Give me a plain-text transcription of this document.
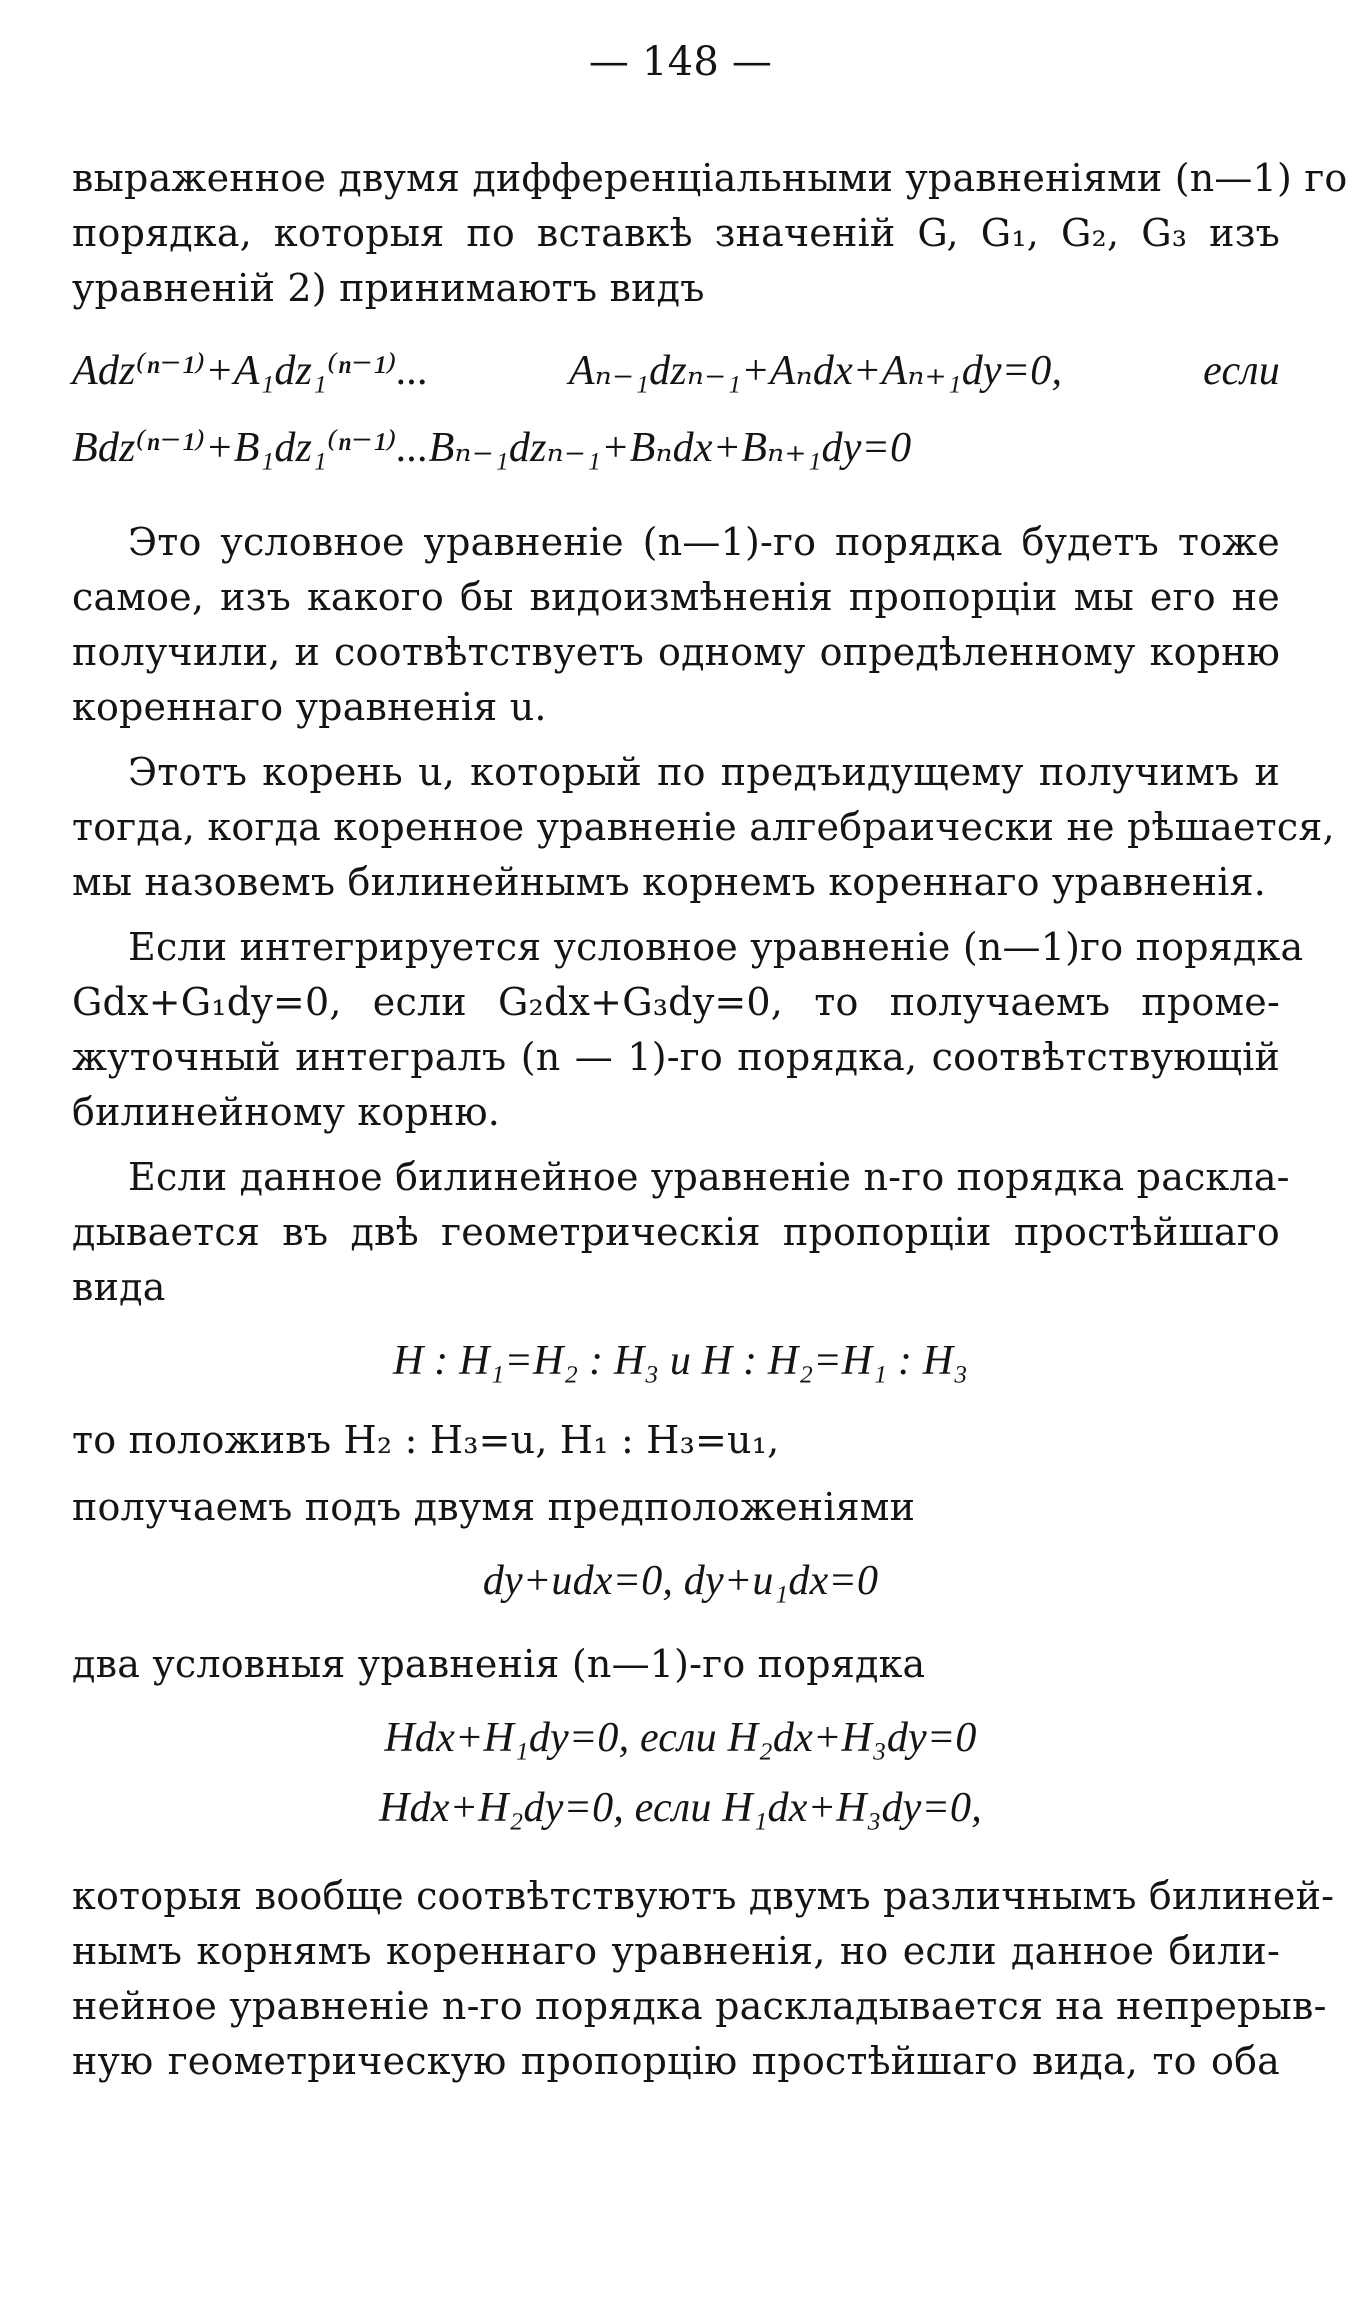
— 148 —
выраженное двумя дифференціальными уравненіями (n—1) го
порядка, которыя по вставкѣ значеній G, G₁, G₂, G₃ изъ
уравненій 2) принимаютъ видъ
Adz⁽ⁿ⁻¹⁾+A₁dz₁⁽ⁿ⁻¹⁾... Aₙ₋₁dzₙ₋₁+Aₙdx+Aₙ₊₁dy=0, если
Bdz⁽ⁿ⁻¹⁾+B₁dz₁⁽ⁿ⁻¹⁾...Bₙ₋₁dzₙ₋₁+Bₙdx+Bₙ₊₁dy=0
Это условное уравненіе (n—1)-го порядка будетъ тоже
самое, изъ какого бы видоизмѣненія пропорціи мы его не
получили, и соотвѣтствуетъ одному опредѣленному корню
кореннаго уравненія u.
Этотъ корень u, который по предъидущему получимъ и
тогда, когда коренное уравненіе алгебраически не рѣшается,
мы назовемъ билинейнымъ корнемъ кореннаго уравненія.
Если интегрируется условное уравненіе (n—1)го порядка
Gdx+G₁dy=0, если G₂dx+G₃dy=0, то получаемъ проме-
жуточный интегралъ (n — 1)-го порядка, соотвѣтствующій
билинейному корню.
Если данное билинейное уравненіе n-го порядка раскла-
дывается въ двѣ геометрическія пропорціи простѣйшаго
вида
H : H₁=H₂ : H₃ и H : H₂=H₁ : H₃
то положивъ H₂ : H₃=u, H₁ : H₃=u₁,
получаемъ подъ двумя предположеніями
dy+udx=0, dy+u₁dx=0
два условныя уравненія (n—1)-го порядка
Hdx+H₁dy=0, если H₂dx+H₃dy=0
Hdx+H₂dy=0, если H₁dx+H₃dy=0,
которыя вообще соотвѣтствуютъ двумъ различнымъ билиней-
нымъ корнямъ кореннаго уравненія, но если данное били-
нейное уравненіе n-го порядка раскладывается на непрерыв-
ную геометрическую пропорцію простѣйшаго вида, то оба
